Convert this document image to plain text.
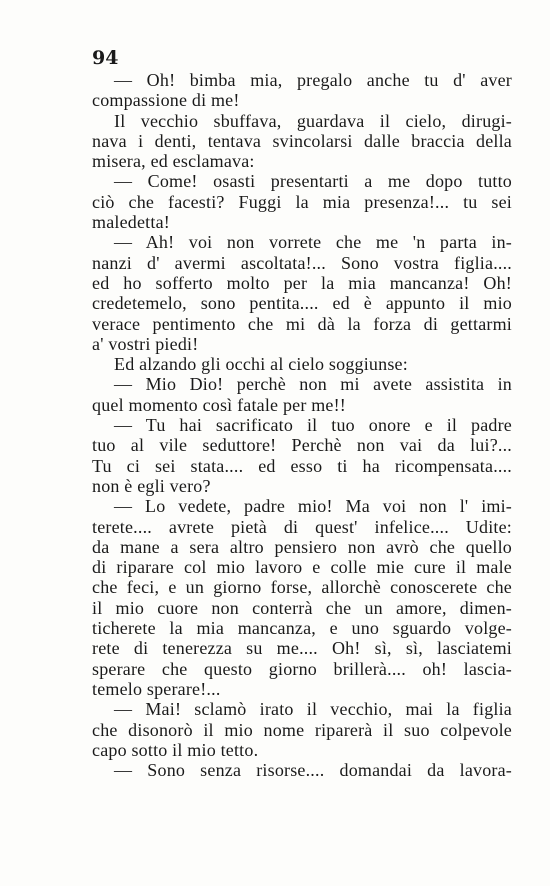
94
— Oh! bimba mia, pregalo anche tu d' aver
compassione di me!
Il vecchio sbuffava, guardava il cielo, dirugi-
nava i denti, tentava svincolarsi dalle braccia della
misera, ed esclamava:
— Come! osasti presentarti a me dopo tutto
ciò che facesti? Fuggi la mia presenza!... tu sei
maledetta!
— Ah! voi non vorrete che me 'n parta in-
nanzi d' avermi ascoltata!... Sono vostra figlia....
ed ho sofferto molto per la mia mancanza! Oh!
credetemelo, sono pentita.... ed è appunto il mio
verace pentimento che mi dà la forza di gettarmi
a' vostri piedi!
Ed alzando gli occhi al cielo soggiunse:
— Mio Dio! perchè non mi avete assistita in
quel momento così fatale per me!!
— Tu hai sacrificato il tuo onore e il padre
tuo al vile seduttore! Perchè non vai da lui?...
Tu ci sei stata.... ed esso ti ha ricompensata....
non è egli vero?
— Lo vedete, padre mio! Ma voi non l' imi-
terete.... avrete pietà di quest' infelice.... Udite:
da mane a sera altro pensiero non avrò che quello
di riparare col mio lavoro e colle mie cure il male
che feci, e un giorno forse, allorchè conoscerete che
il mio cuore non conterrà che un amore, dimen-
ticherete la mia mancanza, e uno sguardo volge-
rete di tenerezza su me.... Oh! sì, sì, lasciatemi
sperare che questo giorno brillerà.... oh! lascia-
temelo sperare!...
— Mai! sclamò irato il vecchio, mai la figlia
che disonorò il mio nome riparerà il suo colpevole
capo sotto il mio tetto.
— Sono senza risorse.... domandai da lavora-
